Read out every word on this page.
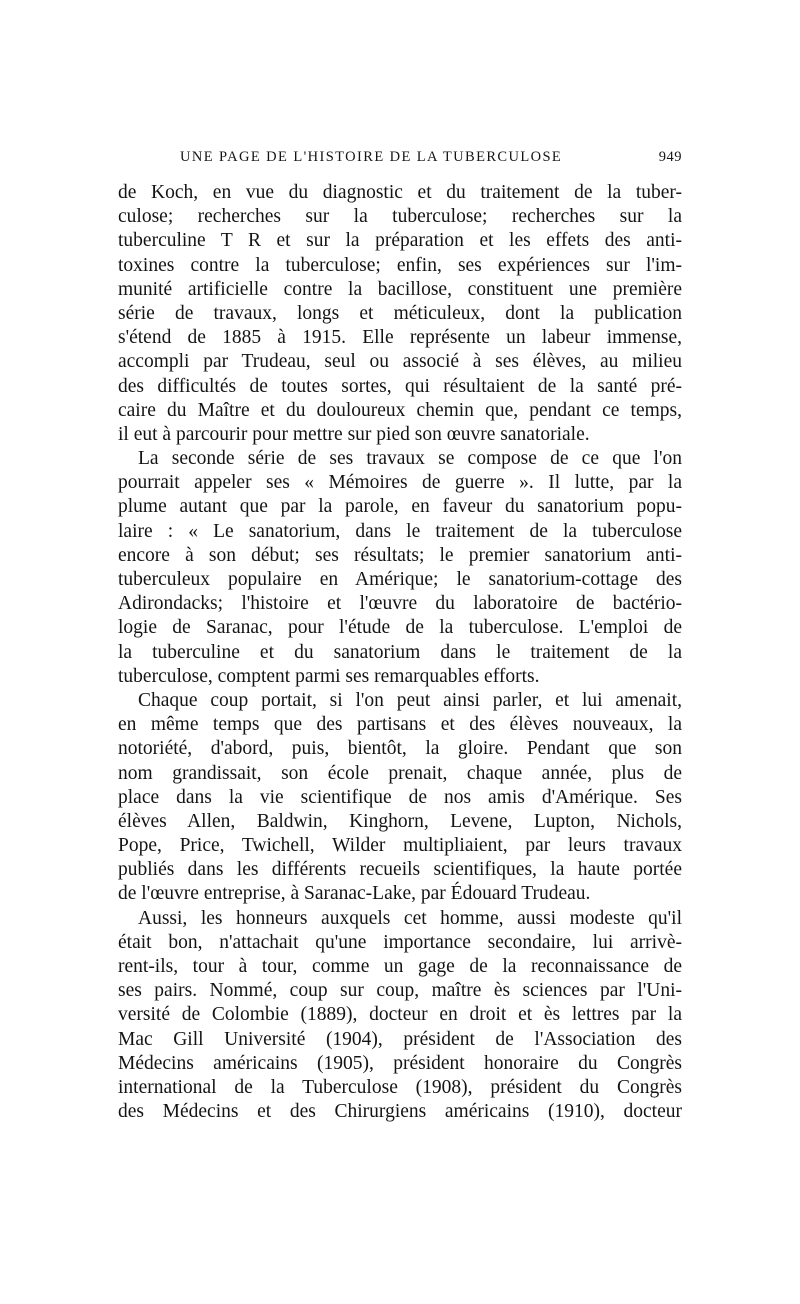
UNE PAGE DE L'HISTOIRE DE LA TUBERCULOSE	949
de Koch, en vue du diagnostic et du traitement de la tuber-
culose; recherches sur la tuberculose; recherches sur la
tuberculine T R et sur la préparation et les effets des anti-
toxines contre la tuberculose; enfin, ses expériences sur l'im-
munité artificielle contre la bacillose, constituent une première
série de travaux, longs et méticuleux, dont la publication
s'étend de 1885 à 1915. Elle représente un labeur immense,
accompli par Trudeau, seul ou associé à ses élèves, au milieu
des difficultés de toutes sortes, qui résultaient de la santé pré-
caire du Maître et du douloureux chemin que, pendant ce temps,
il eut à parcourir pour mettre sur pied son œuvre sanatoriale.
La seconde série de ses travaux se compose de ce que l'on
pourrait appeler ses « Mémoires de guerre ». Il lutte, par la
plume autant que par la parole, en faveur du sanatorium popu-
laire : « Le sanatorium, dans le traitement de la tuberculose
encore à son début; ses résultats; le premier sanatorium anti-
tuberculeux populaire en Amérique; le sanatorium-cottage des
Adirondacks; l'histoire et l'œuvre du laboratoire de bactério-
logie de Saranac, pour l'étude de la tuberculose. L'emploi de
la tuberculine et du sanatorium dans le traitement de la
tuberculose, comptent parmi ses remarquables efforts.
Chaque coup portait, si l'on peut ainsi parler, et lui amenait,
en même temps que des partisans et des élèves nouveaux, la
notoriété, d'abord, puis, bientôt, la gloire. Pendant que son
nom grandissait, son école prenait, chaque année, plus de
place dans la vie scientifique de nos amis d'Amérique. Ses
élèves Allen, Baldwin, Kinghorn, Levene, Lupton, Nichols,
Pope, Price, Twichell, Wilder multipliaient, par leurs travaux
publiés dans les différents recueils scientifiques, la haute portée
de l'œuvre entreprise, à Saranac-Lake, par Édouard Trudeau.
Aussi, les honneurs auxquels cet homme, aussi modeste qu'il
était bon, n'attachait qu'une importance secondaire, lui arrivè-
rent-ils, tour à tour, comme un gage de la reconnaissance de
ses pairs. Nommé, coup sur coup, maître ès sciences par l'Uni-
versité de Colombie (1889), docteur en droit et ès lettres par la
Mac Gill Université (1904), président de l'Association des
Médecins américains (1905), président honoraire du Congrès
international de la Tuberculose (1908), président du Congrès
des Médecins et des Chirurgiens américains (1910), docteur
